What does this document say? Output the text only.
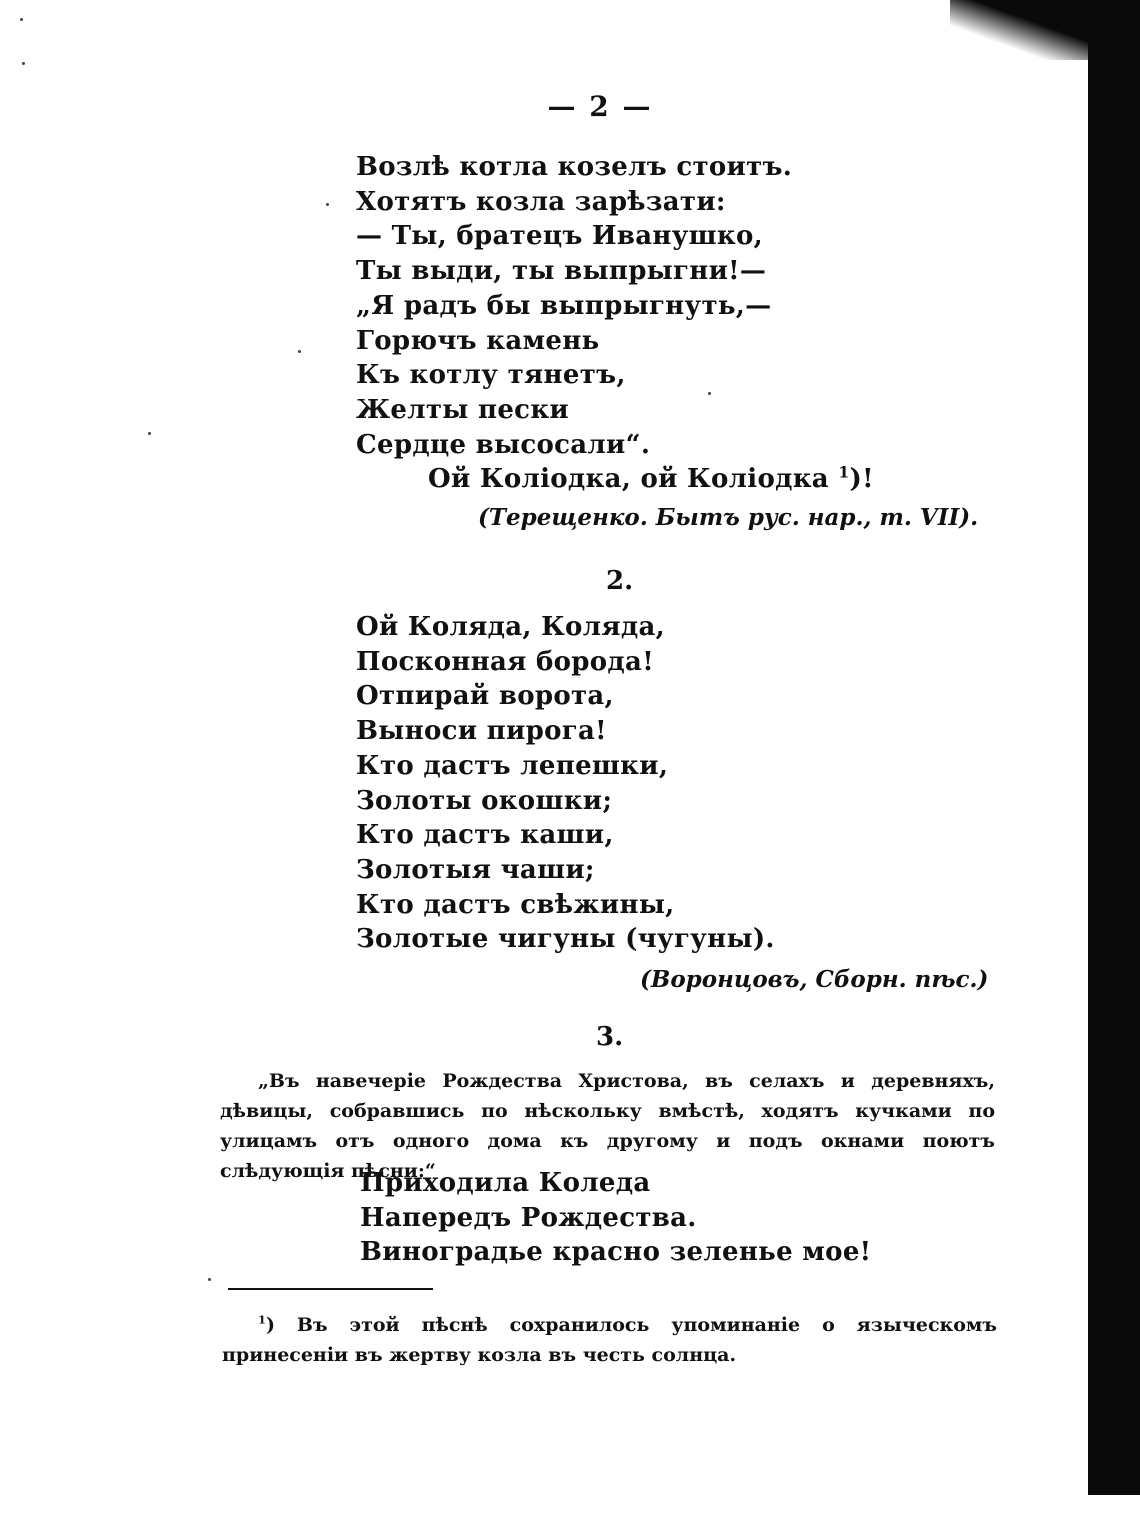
— 2 —
Возлѣ котла козелъ стоитъ.
Хотятъ козла зарѣзати:
— Ты, братецъ Иванушко,
Ты выди, ты выпрыгни!—
„Я радъ бы выпрыгнуть,—
Горючъ камень
Къ котлу тянетъ,
Желты пески
Сердце высосали“.
Ой Коліодка, ой Коліодка $^1$)!
(Терещенко. Бытъ рус. нар., т. VII).
2.
Ой Коляда, Коляда,
Посконная борода!
Отпирай ворота,
Выноси пирога!
Кто дастъ лепешки,
Золоты окошки;
Кто дастъ каши,
Золотыя чаши;
Кто дастъ свѣжины,
Золотые чигуны (чугуны).
(Воронцовъ, Сборн. пѣс.)
3.
„Въ навечеріе Рождества Христова, въ селахъ и деревняхъ, дѣвицы, собравшись по нѣскольку вмѣстѣ, ходятъ кучками по улицамъ отъ одного дома къ другому и подъ окнами поютъ слѣдующія пѣсни:“
Приходила Коледа
Напередъ Рождества.
Виноградье красно зеленье мое!
$^1$) Въ этой пѣснѣ сохранилось упоминаніе о языческомъ принесеніи въ жертву козла въ честь солнца.
